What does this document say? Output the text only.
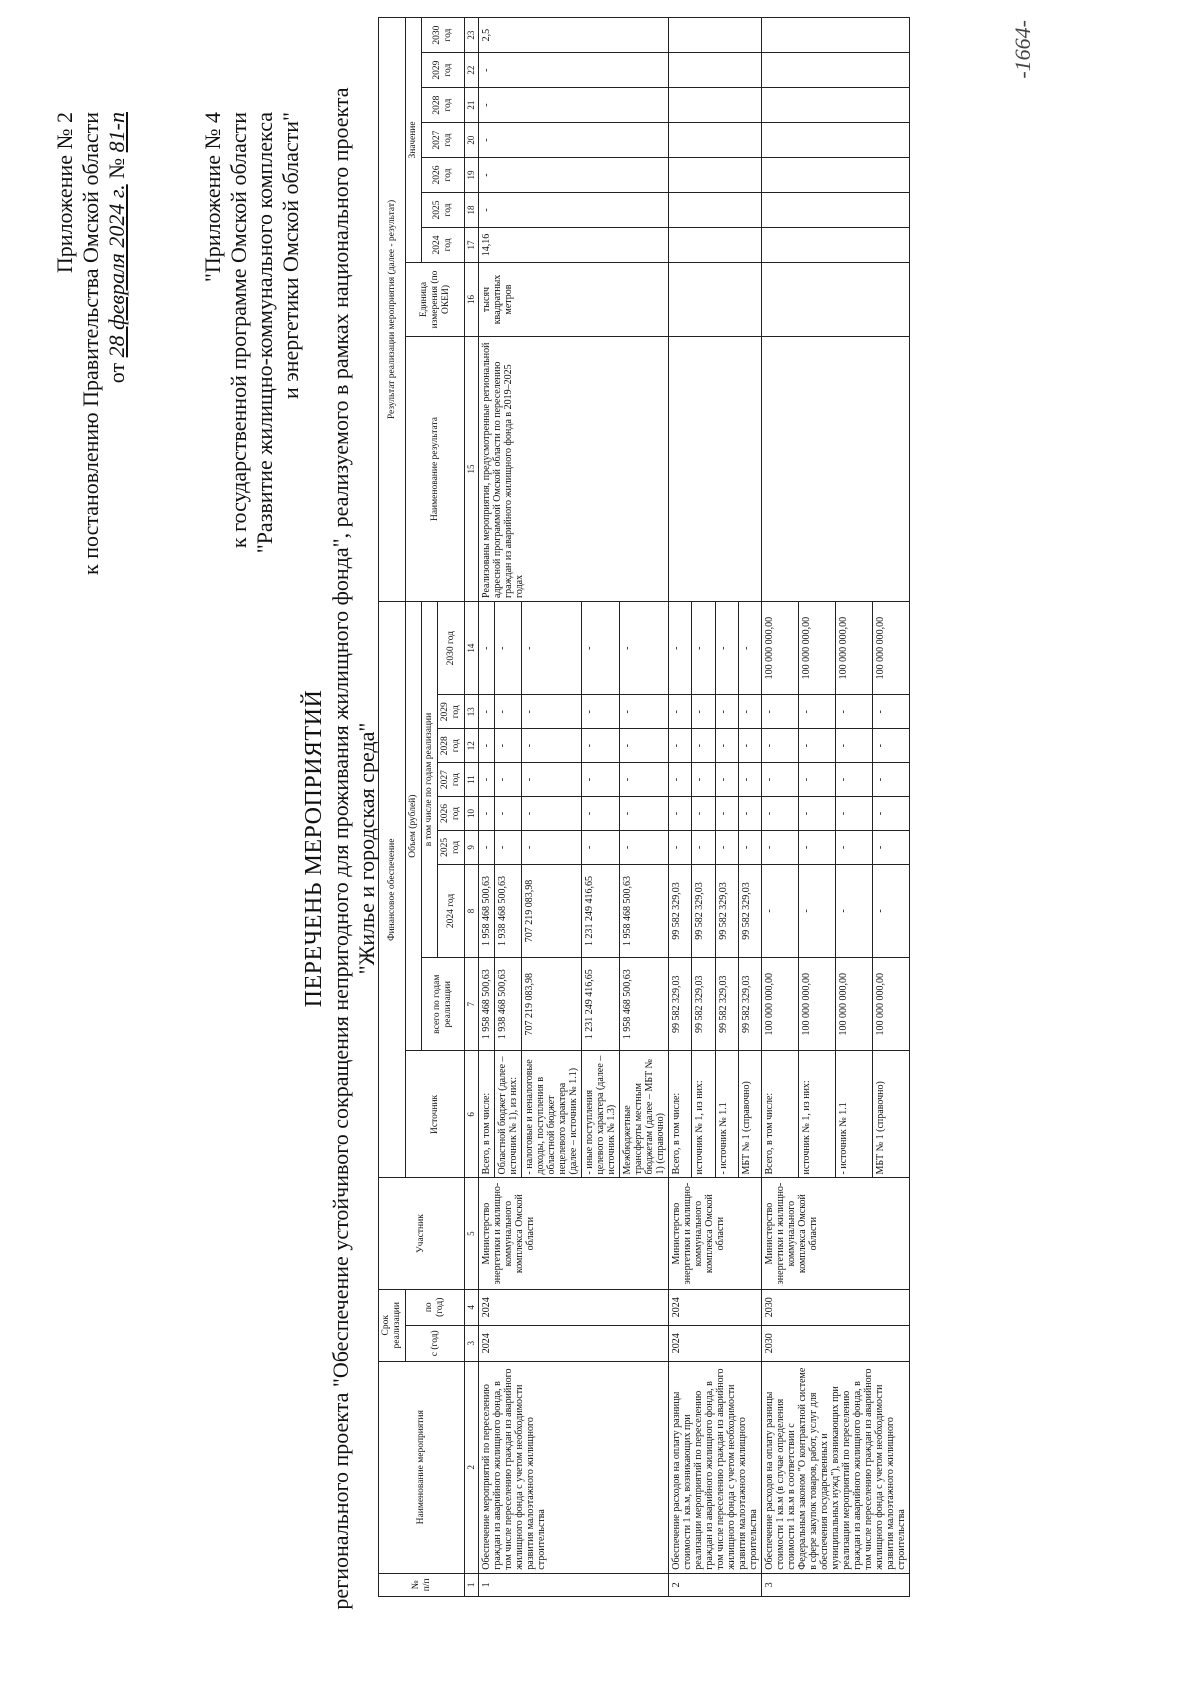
Приложение № 2 к постановлению Правительства Омской области от 28 февраля 2024 г. № 81-п	"Приложение № 4 к государственной программе Омской области "Развитие жилищно-коммунального комплекса и энергетики Омской области"
ПЕРЕЧЕНЬ МЕРОПРИЯТИЙ регионального проекта "Обеспечение устойчивого сокращения непригодного для проживания жилищного фонда", реализуемого в рамках национального проекта "Жилье и городская среда"
№ п/п	Наименование мероприятия	Срок реализации		Участник	Финансовое обеспечение									Результат реализации мероприятия (далее - результат)								
		с (год)	по (год)		Источник	Объем (рублей)								Наименование результата	Единица измерения (по ОКЕИ)	Значение						
						всего по годам реализации	в том числе по годам реализации									2024 год	2025 год	2026 год	2027 год	2028 год	2029 год	2030 год
							2024 год	2025 год	2026 год	2027 год	2028 год	2029 год	2030 год									
1	2	3	4	5	6	7	8	9	10	11	12	13	14	15	16	17	18	19	20	21	22	23
1	Обеспечение мероприятий по переселению граждан из аварийного жилищного фонда, в том числе переселению граждан из аварийного жилищного фонда с учетом необходимости развития малоэтажного жилищного строительства	2024	2024	Министерство энергетики и жилищно-коммунального комплекса Омской области	Всего, в том числе:	1 958 468 500,63	1 958 468 500,63	-	-	-	-	-	-	Реализованы мероприятия, предусмотренные региональной адресной программой Омской области по переселению граждан из аварийного жилищного фонда в 2019–2025 годах	тысяч квадратных метров	14,16	-	-	-	-	-	2,5
					Областной бюджет (далее – источник № 1), из них:	1 938 468 500,63	1 938 468 500,63	-	-	-	-	-	-									
					- налоговые и неналоговые доходы, поступления в областной бюджет нецелевого характера (далее – источник № 1.1)	707 219 083,98	707 219 083,98	-	-	-	-	-	-									
					- иные поступления целевого характера (далее – источник № 1.3)	1 231 249 416,65	1 231 249 416,65	-	-	-	-	-	-									
					Межбюджетные трансферты местным бюджетам (далее – МБТ № 1) (справочно)	1 958 468 500,63	1 958 468 500,63	-	-	-	-	-	-									
2	Обеспечение расходов на оплату разницы стоимости 1 кв.м, возникающих при реализации мероприятий по переселению граждан из аварийного жилищного фонда, в том числе переселению граждан из аварийного жилищного фонда с учетом необходимости развития малоэтажного жилищного строительства	2024	2024	Министерство энергетики и жилищно-коммунального комплекса Омской области	Всего, в том числе:	99 582 329,03	99 582 329,03	-	-	-	-	-	-									
					источник № 1, из них:	99 582 329,03	99 582 329,03	-	-	-	-	-	-									
					- источник № 1.1	99 582 329,03	99 582 329,03	-	-	-	-	-	-									
					МБТ № 1 (справочно)	99 582 329,03	99 582 329,03	-	-	-	-	-	-									
3	Обеспечение расходов на оплату разницы стоимости 1 кв.м (в случае определения стоимости 1 кв.м в соответствии с Федеральным законом "О контрактной системе в сфере закупок товаров, работ, услуг для обеспечения государственных и муниципальных нужд"), возникающих при реализации мероприятий по переселению граждан из аварийного жилищного фонда, в том числе переселению граждан из аварийного жилищного фонда с учетом необходимости развития малоэтажного жилищного строительства	2030	2030	Министерство энергетики и жилищно-коммунального комплекса Омской области	Всего, в том числе:	100 000 000,00	-	-	-	-	-	-	100 000 000,00									
					источник № 1, из них:	100 000 000,00	-	-	-	-	-	-	100 000 000,00									
					- источник № 1.1	100 000 000,00	-	-	-	-	-	-	100 000 000,00									
					МБТ № 1 (справочно)	100 000 000,00	-	-	-	-	-	-	100 000 000,00									
-1664-
